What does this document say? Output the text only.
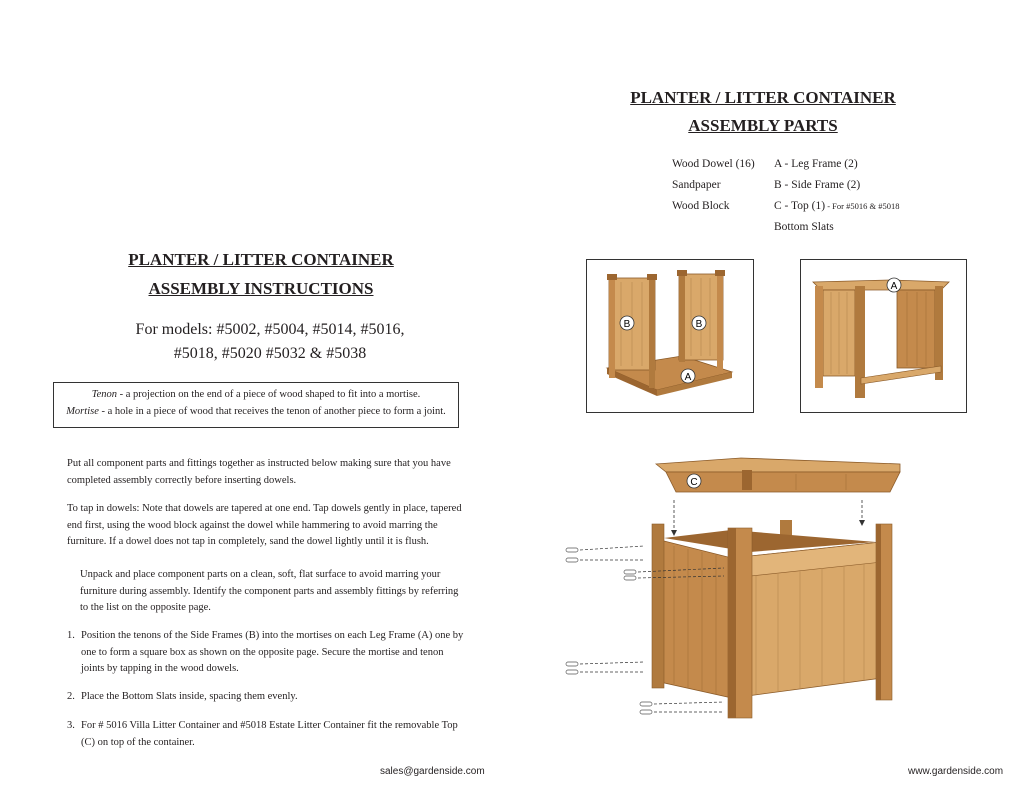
PLANTER / LITTER CONTAINER
ASSEMBLY PARTS
Wood Dowel (16)
Sandpaper
Wood Block
A - Leg Frame (2)
B - Side Frame (2)
C - Top (1) - For #5016 & #5018
Bottom Slats
B	B
A
A
C
PLANTER / LITTER CONTAINER
ASSEMBLY INSTRUCTIONS
For models: #5002, #5004, #5014, #5016,
#5018, #5020 #5032 & #5038
Tenon - a projection on the end of a piece of wood shaped to fit into a mortise.
Mortise - a hole in a piece of wood that receives the tenon of another piece to form a joint.
Put all component parts and fittings together as instructed below making sure that you have completed assembly correctly before inserting dowels.
To tap in dowels: Note that dowels are tapered at one end. Tap dowels gently in place, tapered end first, using the wood block against the dowel while hammering to avoid marring the furniture. If a dowel does not tap in completely, sand the dowel lightly until it is flush.
Unpack and place component parts on a clean, soft, flat surface to avoid marring your furniture during assembly. Identify the component parts and assembly fittings by referring to the list on the opposite page.
1. Position the tenons of the Side Frames (B) into the mortises on each Leg Frame (A) one by one to form a square box as shown on the opposite page. Secure the mortise and tenon joints by tapping in the wood dowels.
2. Place the Bottom Slats inside, spacing them evenly.
3. For # 5016 Villa Litter Container and #5018 Estate Litter Container fit the removable Top (C) on top of the container.
sales@gardenside.com	www.gardenside.com
